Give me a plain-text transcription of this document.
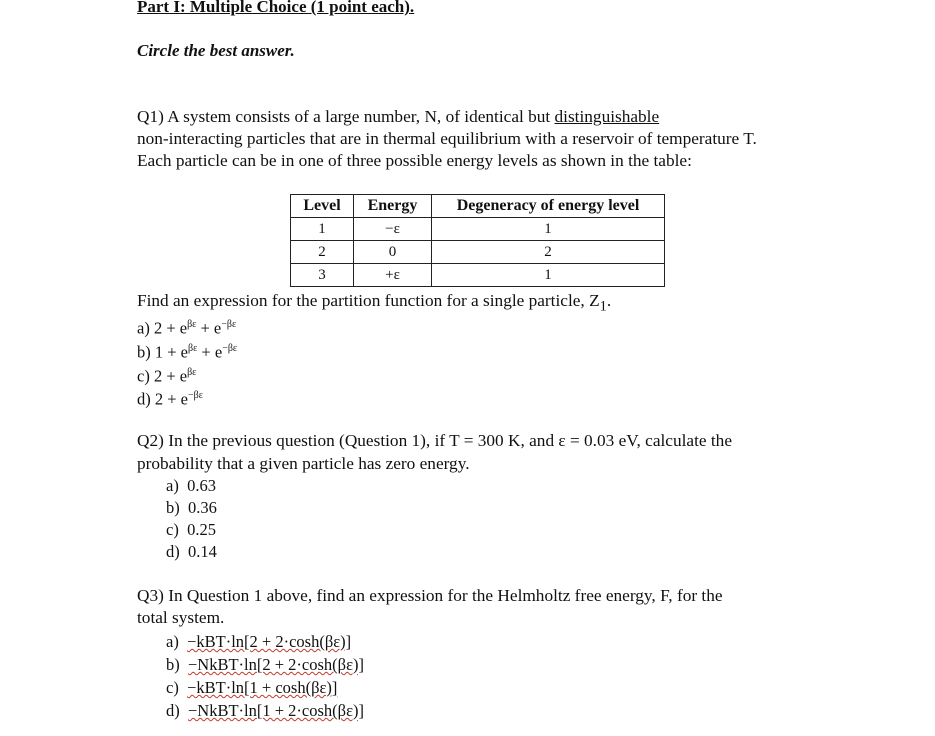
Part I: Multiple Choice (1 point each).
Circle the best answer.
Q1) A system consists of a large number, N, of identical but distinguishable
non-interacting particles that are in thermal equilibrium with a reservoir of temperature T.
Each particle can be in one of three possible energy levels as shown in the table:
Level	Energy	Degeneracy of energy level
1	−ε	1
2	0	2
3	+ε	1
Find an expression for the partition function for a single particle, $Z_1$.
a) $2 + e^{\beta\varepsilon} + e^{-\beta\varepsilon}$
b) $1 + e^{\beta\varepsilon} + e^{-\beta\varepsilon}$
c) $2 + e^{\beta\varepsilon}$
d) $2 + e^{-\beta\varepsilon}$
Q2) In the previous question (Question 1), if T = 300 K, and ε = 0.03 eV, calculate the
probability that a given particle has zero energy.
a) 0.63
b) 0.36
c) 0.25
d) 0.14
Q3) In Question 1 above, find an expression for the Helmholtz free energy, F, for the
total system.
a) −kBT·ln[2 + 2·cosh(βε)]
b) −NkBT·ln[2 + 2·cosh(βε)]
c) −kBT·ln[1 + cosh(βε)]
d) −NkBT·ln[1 + 2·cosh(βε)]
